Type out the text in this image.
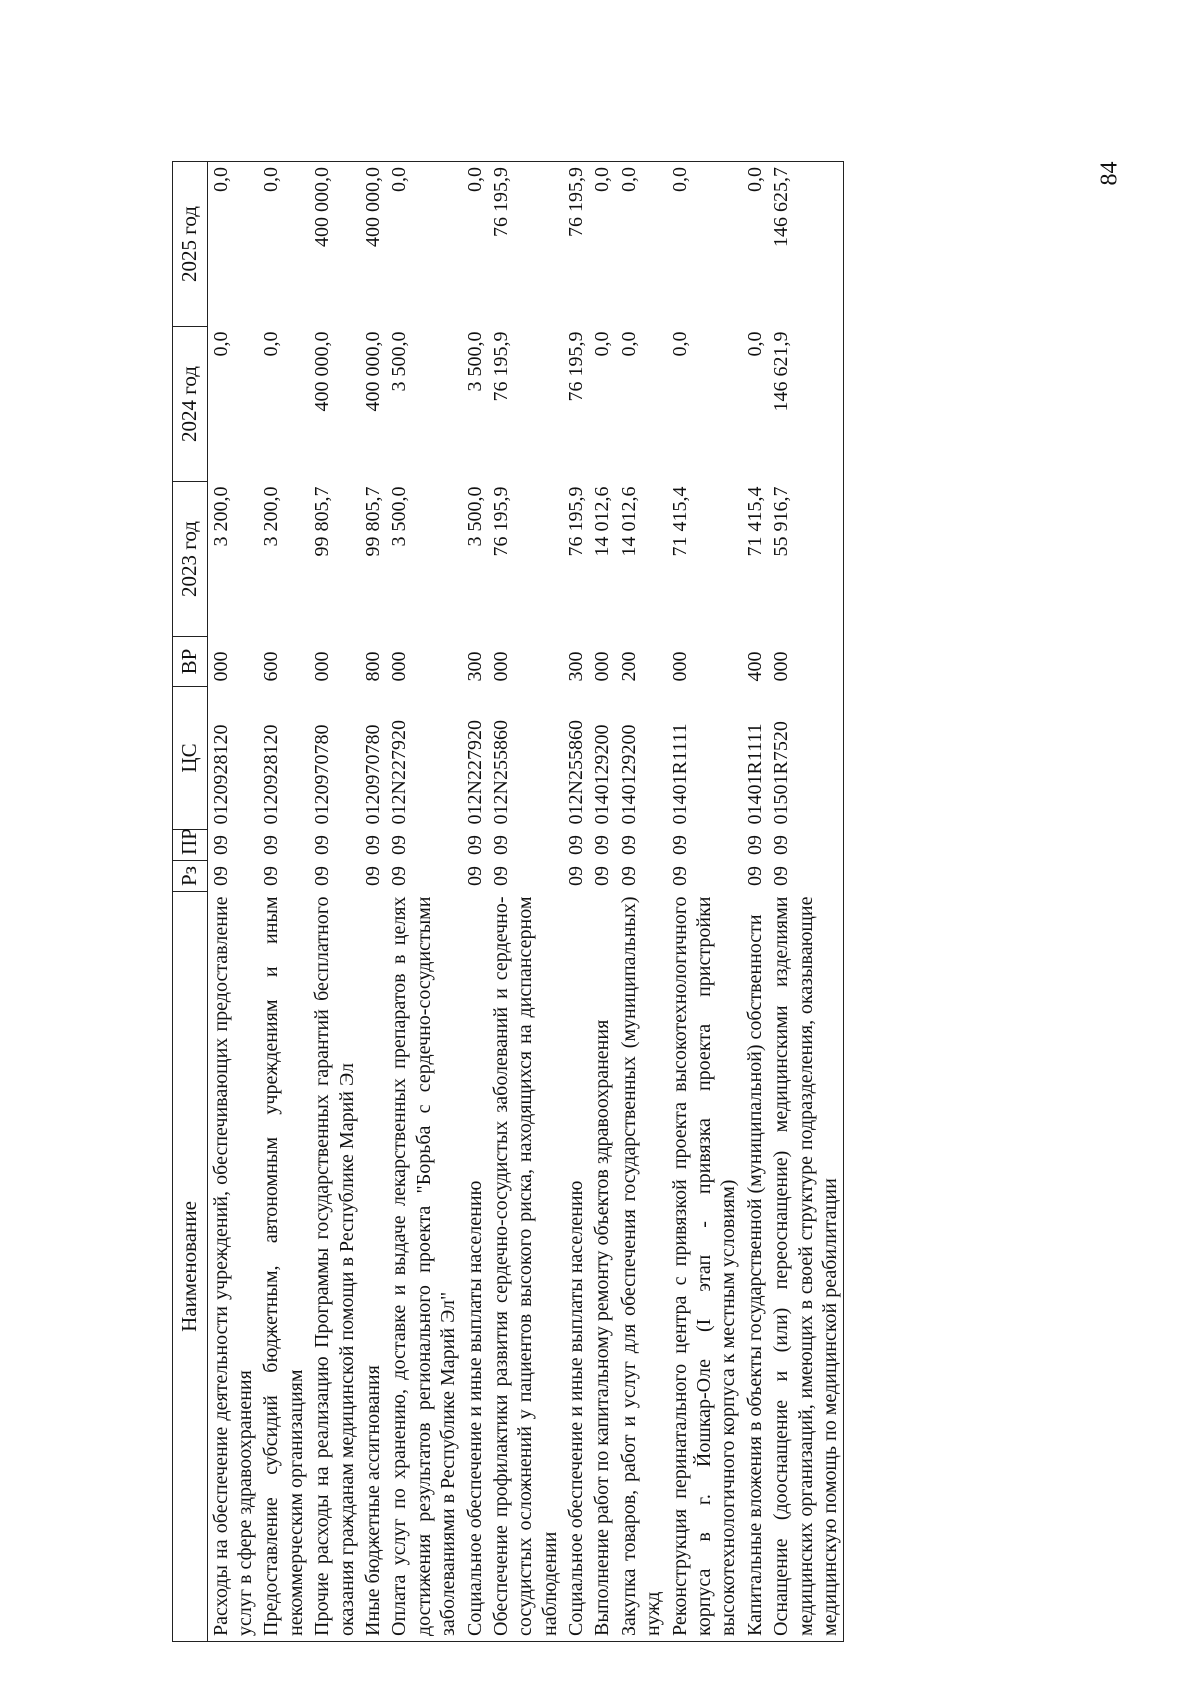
84
Наименование	Рз	ПР	ЦС	ВР	2023 год	2024 год	2025 год
Расходы на обеспечение деятельности учреждений, обеспечивающих предоставление услуг в сфере здравоохранения	09	09	0120928120	000	3 200,0	0,0	0,0
Предоставление субсидий бюджетным, автономным учреждениям и иным некоммерческим организациям	09	09	0120928120	600	3 200,0	0,0	0,0
Прочие расходы на реализацию Программы государственных гарантий бесплатного оказания гражданам медицинской помощи в Республике Марий Эл	09	09	0120970780	000	99 805,7	400 000,0	400 000,0
Иные бюджетные ассигнования	09	09	0120970780	800	99 805,7	400 000,0	400 000,0
Оплата услуг по хранению, доставке и выдаче лекарственных препаратов в целях достижения результатов регионального проекта "Борьба с сердечно-сосудистыми заболеваниями в Республике Марий Эл"	09	09	012N227920	000	3 500,0	3 500,0	0,0
Социальное обеспечение и иные выплаты населению	09	09	012N227920	300	3 500,0	3 500,0	0,0
Обеспечение профилактики развития сердечно-сосудистых заболеваний и сердечно-сосудистых осложнений у пациентов высокого риска, находящихся на диспансерном наблюдении	09	09	012N255860	000	76 195,9	76 195,9	76 195,9
Социальное обеспечение и иные выплаты населению	09	09	012N255860	300	76 195,9	76 195,9	76 195,9
Выполнение работ по капитальному ремонту объектов здравоохранения	09	09	0140129200	000	14 012,6	0,0	0,0
Закупка товаров, работ и услуг для обеспечения государственных (муниципальных) нужд	09	09	0140129200	200	14 012,6	0,0	0,0
Реконструкция перинатального центра с привязкой проекта высокотехнологичного корпуса в г. Йошкар-Оле (I этап - привязка проекта пристройки высокотехнологичного корпуса к местным условиям)	09	09	01401R1111	000	71 415,4	0,0	0,0
Капитальные вложения в объекты государственной (муниципальной) собственности	09	09	01401R1111	400	71 415,4	0,0	0,0
Оснащение (дооснащение и (или) переоснащение) медицинскими изделиями медицинских организаций, имеющих в своей структуре подразделения, оказывающие медицинскую помощь по медицинской реабилитации	09	09	01501R7520	000	55 916,7	146 621,9	146 625,7
